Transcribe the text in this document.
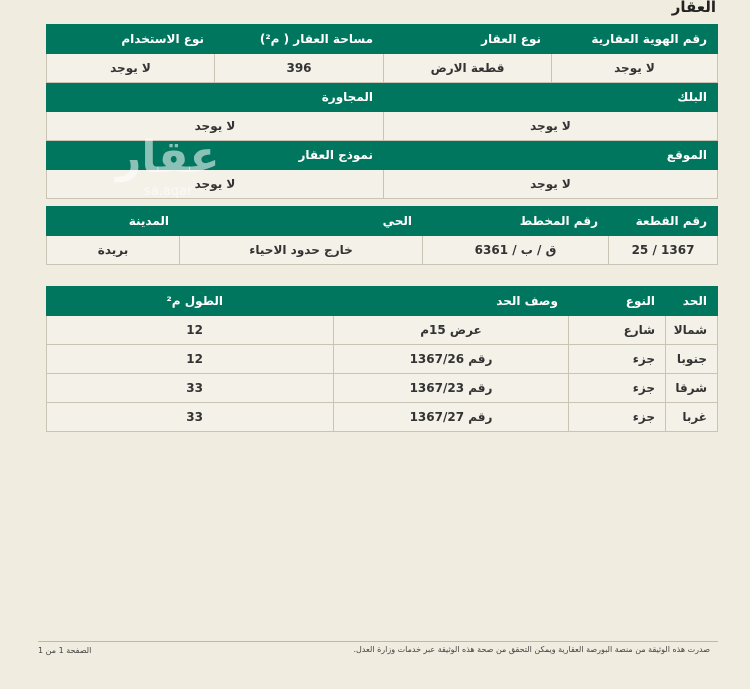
العقار
رقم الهوية العقارية	نوع العقار	مساحة العقار ( م²)	نوع الاستخدام
لا يوجد	قطعة الارض	396	لا يوجد
البلك		المجاورة	
لا يوجد		لا يوجد	
الموقع		نموذج العقار	
لا يوجد		لا يوجد	
رقم القطعة	رقم المخطط	الحي	المدينة
1367 / 25	ق / ب / 6361	خارج حدود الاحياء	بريدة
الحد	النوع	وصف الحد	الطول م²
شمالا	شارع	عرض 15م	12
جنوبا	جزء	رقم 1367/26	12
شرقا	جزء	رقم 1367/23	33
غربا	جزء	رقم 1367/27	33
عقار
sa.aqar
صدرت هذه الوثيقة من منصة البورصة العقارية ويمكن التحقق من صحة هذه الوثيقة عبر خدمات وزارة العدل.
الصفحة 1 من 1
